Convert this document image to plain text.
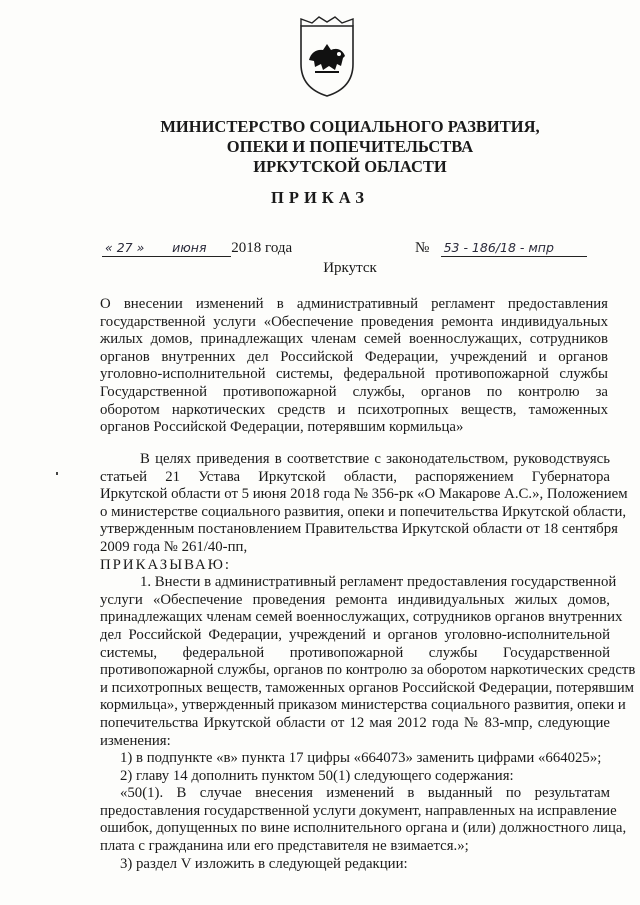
МИНИСТЕРСТВО СОЦИАЛЬНОГО РАЗВИТИЯ,
ОПЕКИ И ПОПЕЧИТЕЛЬСТВА
ИРКУТСКОЙ ОБЛАСТИ
ПРИКАЗ
« 27 » июня 2018 года	№ 53 - 186/18 - мпр
Иркутск
О внесении изменений в административный регламент предоставления
государственной услуги «Обеспечение проведения ремонта индивидуальных
жилых домов, принадлежащих членам семей военнослужащих, сотрудников
органов внутренних дел Российской Федерации, учреждений и органов
уголовно-исполнительной системы, федеральной противопожарной службы
Государственной противопожарной службы, органов по контролю за
оборотом наркотических средств и психотропных веществ, таможенных
органов Российской Федерации, потерявшим кормильца»
В целях приведения в соответствие с законодательством, руководствуясь
статьей 21 Устава Иркутской области, распоряжением Губернатора
Иркутской области от 5 июня 2018 года № 356-рк «О Макарове А.С.», Положением
о министерстве социального развития, опеки и попечительства Иркутской области,
утвержденным постановлением Правительства Иркутской области от 18 сентября
2009 года № 261/40-пп,
ПРИКАЗЫВАЮ:
1. Внести в административный регламент предоставления государственной
услуги «Обеспечение проведения ремонта индивидуальных жилых домов,
принадлежащих членам семей военнослужащих, сотрудников органов внутренних
дел Российской Федерации, учреждений и органов уголовно-исполнительной
системы, федеральной противопожарной службы Государственной
противопожарной службы, органов по контролю за оборотом наркотических средств
и психотропных веществ, таможенных органов Российской Федерации, потерявшим
кормильца», утвержденный приказом министерства социального развития, опеки и
попечительства Иркутской области от 12 мая 2012 года № 83-мпр, следующие
изменения:
1) в подпункте «в» пункта 17 цифры «664073» заменить цифрами «664025»;
2) главу 14 дополнить пунктом 50(1) следующего содержания:
«50(1). В случае внесения изменений в выданный по результатам
предоставления государственной услуги документ, направленных на исправление
ошибок, допущенных по вине исполнительного органа и (или) должностного лица,
плата с гражданина или его представителя не взимается.»;
3) раздел V изложить в следующей редакции:
